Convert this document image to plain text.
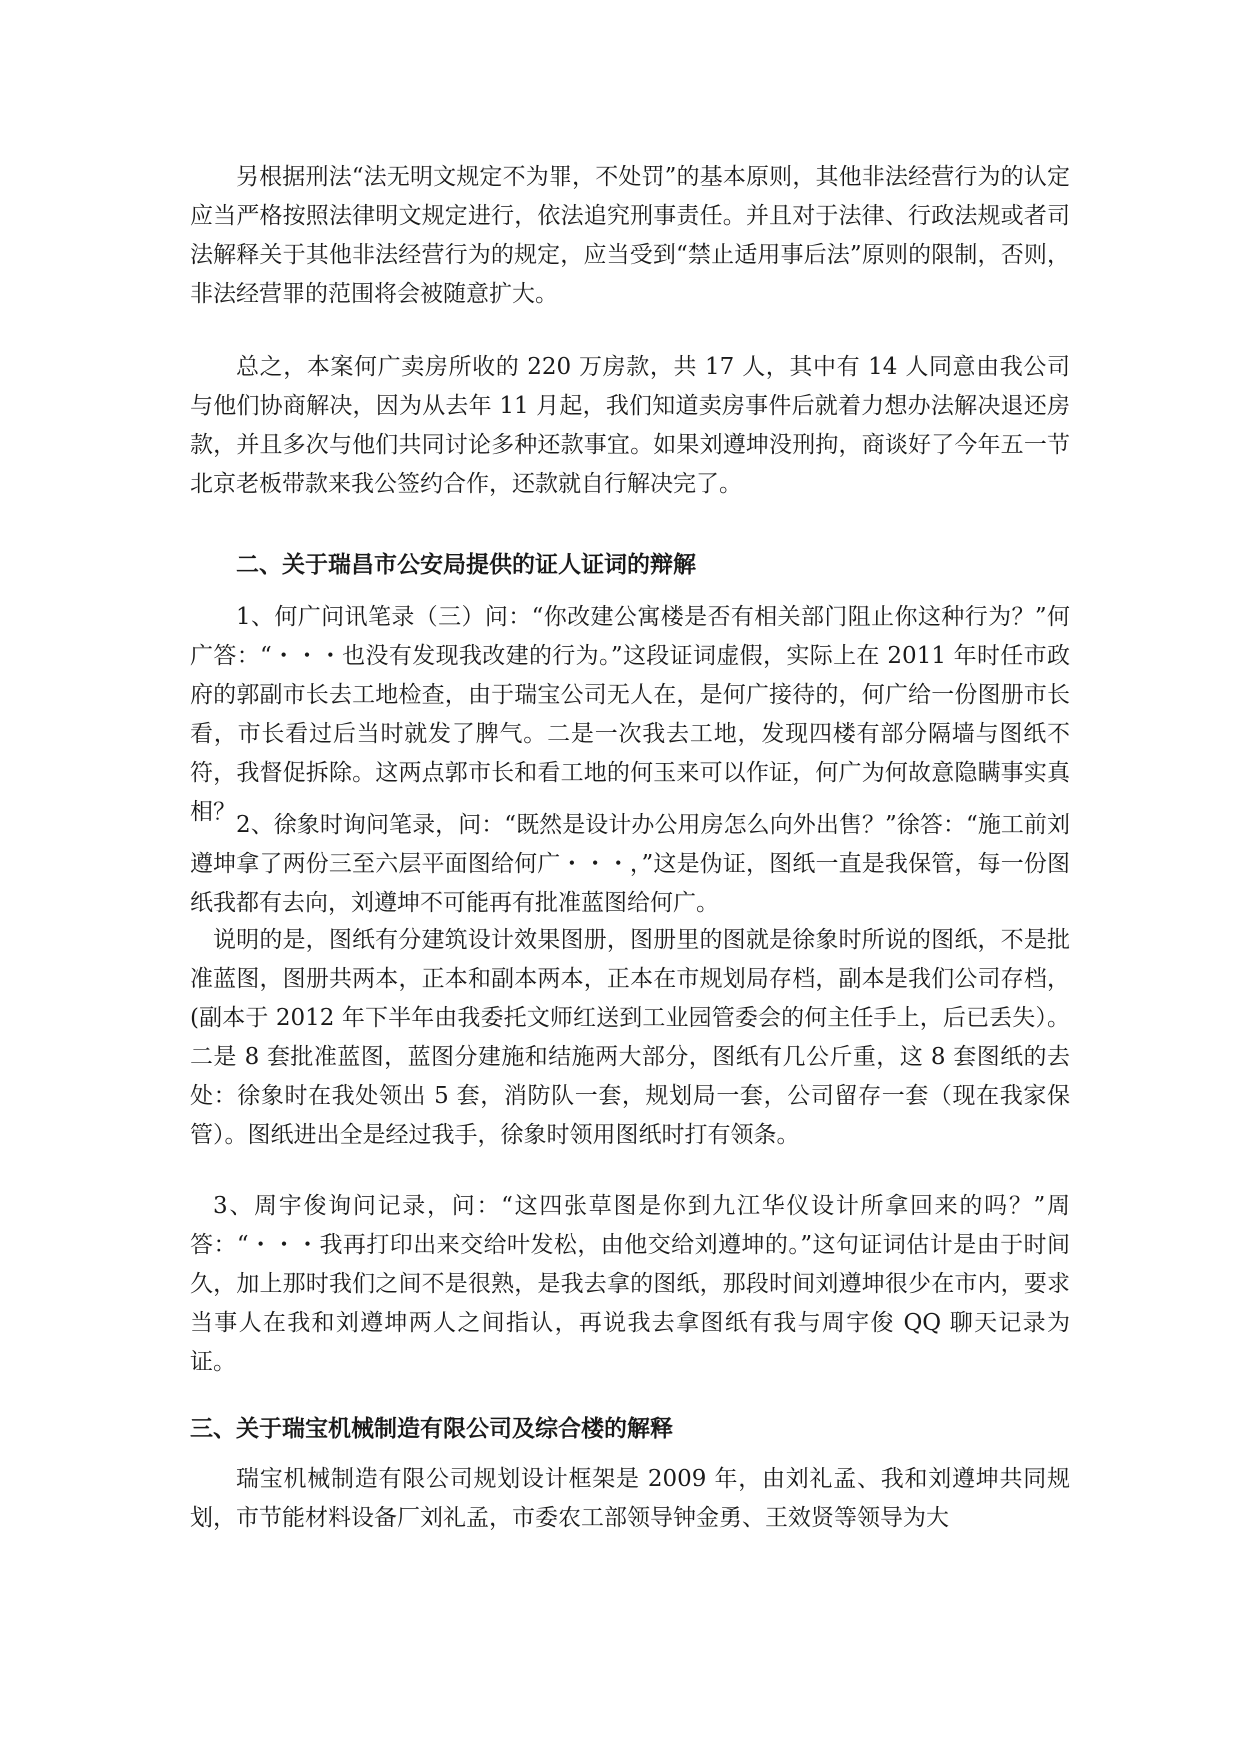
另根据刑法“法无明文规定不为罪，不处罚”的基本原则，其他非法经营行为的认定应当严格按照法律明文规定进行，依法追究刑事责任。并且对于法律、行政法规或者司法解释关于其他非法经营行为的规定，应当受到“禁止适用事后法”原则的限制，否则，非法经营罪的范围将会被随意扩大。
总之，本案何广卖房所收的 220 万房款，共 17 人，其中有 14 人同意由我公司与他们协商解决，因为从去年 11 月起，我们知道卖房事件后就着力想办法解决退还房款，并且多次与他们共同讨论多种还款事宜。如果刘遵坤没刑拘，商谈好了今年五一节北京老板带款来我公签约合作，还款就自行解决完了。
二、关于瑞昌市公安局提供的证人证词的辩解
1、何广问讯笔录（三）问：“你改建公寓楼是否有相关部门阻止你这种行为？”何广答：“・・・也没有发现我改建的行为。”这段证词虚假，实际上在 2011 年时任市政府的郭副市长去工地检查，由于瑞宝公司无人在，是何广接待的，何广给一份图册市长看，市长看过后当时就发了脾气。二是一次我去工地，发现四楼有部分隔墙与图纸不符，我督促拆除。这两点郭市长和看工地的何玉来可以作证，何广为何故意隐瞒事实真相？ 2、徐象时询问笔录，问：“既然是设计办公用房怎么向外出售？”徐答：“施工前刘遵坤拿了两份三至六层平面图给何广・・・，”这是伪证，图纸一直是我保管，每一份图纸我都有去向，刘遵坤不可能再有批准蓝图给何广。
说明的是，图纸有分建筑设计效果图册，图册里的图就是徐象时所说的图纸，不是批准蓝图，图册共两本，正本和副本两本，正本在市规划局存档，副本是我们公司存档，(副本于 2012 年下半年由我委托文师红送到工业园管委会的何主任手上，后已丢失）。二是 8 套批准蓝图，蓝图分建施和结施两大部分，图纸有几公斤重，这 8 套图纸的去处：徐象时在我处领出 5 套，消防队一套，规划局一套，公司留存一套（现在我家保管）。图纸进出全是经过我手，徐象时领用图纸时打有领条。
3、周宇俊询问记录，问：“这四张草图是你到九江华仪设计所拿回来的吗？”周答：“・・・我再打印出来交给叶发松，由他交给刘遵坤的。”这句证词估计是由于时间久，加上那时我们之间不是很熟，是我去拿的图纸，那段时间刘遵坤很少在市内，要求当事人在我和刘遵坤两人之间指认，再说我去拿图纸有我与周宇俊 QQ 聊天记录为证。
三、关于瑞宝机械制造有限公司及综合楼的解释
瑞宝机械制造有限公司规划设计框架是 2009 年，由刘礼孟、我和刘遵坤共同规划，市节能材料设备厂刘礼孟，市委农工部领导钟金勇、王效贤等领导为大
